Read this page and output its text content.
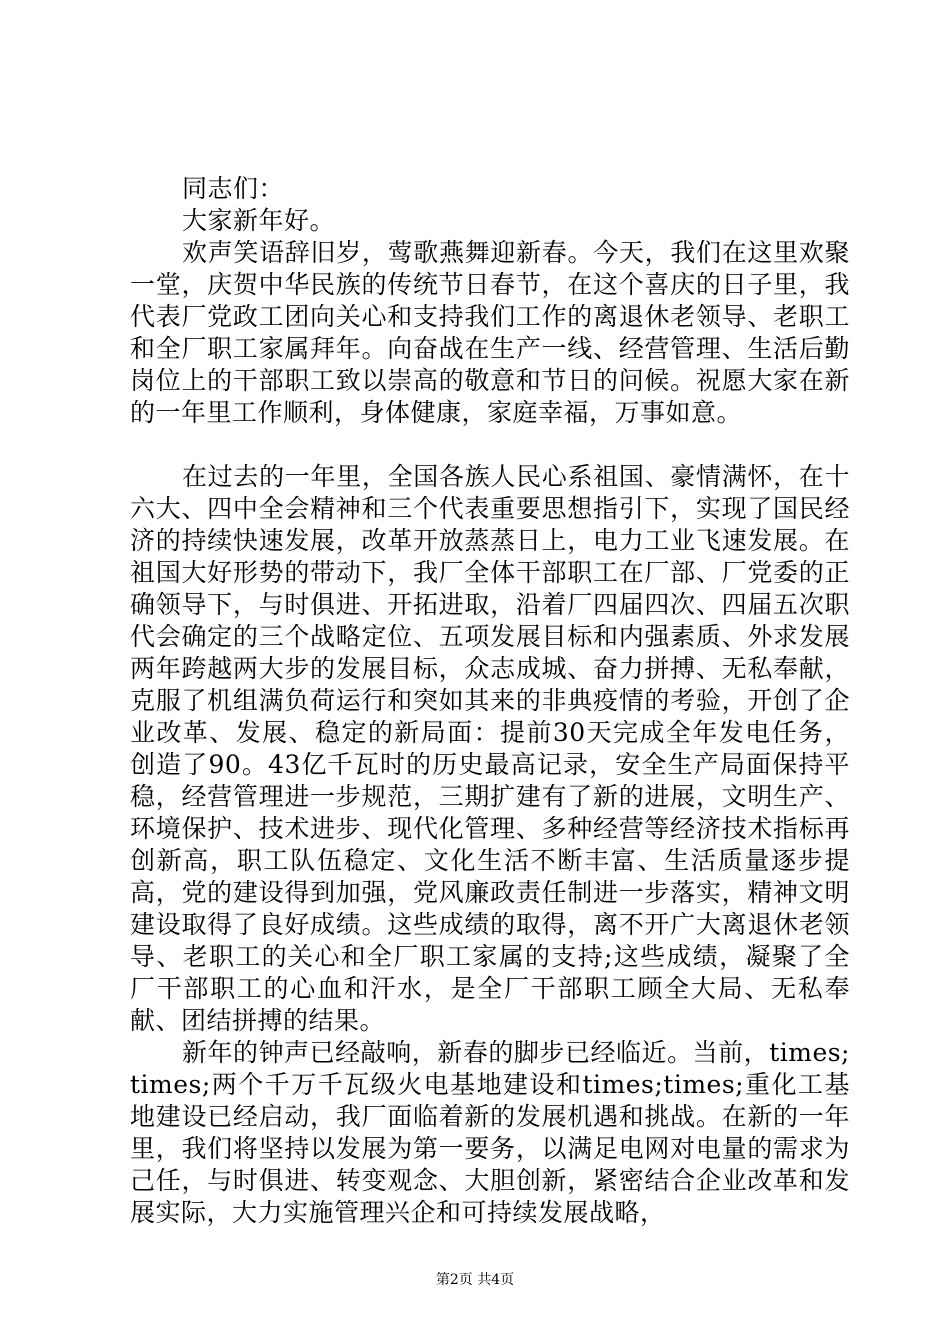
同志们：

大家新年好。

欢声笑语辞旧岁，莺歌燕舞迎新春。今天，我们在这里欢聚一堂，庆贺中华民族的传统节日春节，在这个喜庆的日子里，我代表厂党政工团向关心和支持我们工作的离退休老领导、老职工和全厂职工家属拜年。向奋战在生产一线、经营管理、生活后勤岗位上的干部职工致以崇高的敬意和节日的问候。祝愿大家在新的一年里工作顺利，身体健康，家庭幸福，万事如意。

在过去的一年里，全国各族人民心系祖国、豪情满怀，在十六大、四中全会精神和三个代表重要思想指引下，实现了国民经济的持续快速发展，改革开放蒸蒸日上，电力工业飞速发展。在祖国大好形势的带动下，我厂全体干部职工在厂部、厂党委的正确领导下，与时俱进、开拓进取，沿着厂四届四次、四届五次职代会确定的三个战略定位、五项发展目标和内强素质、外求发展两年跨越两大步的发展目标，众志成城、奋力拼搏、无私奉献，克服了机组满负荷运行和突如其来的非典疫情的考验，开创了企业改革、发展、稳定的新局面：提前30天完成全年发电任务，创造了90。43亿千瓦时的历史最高记录，安全生产局面保持平稳，经营管理进一步规范，三期扩建有了新的进展，文明生产、环境保护、技术进步、现代化管理、多种经营等经济技术指标再创新高，职工队伍稳定、文化生活不断丰富、生活质量逐步提高，党的建设得到加强，党风廉政责任制进一步落实，精神文明建设取得了良好成绩。这些成绩的取得，离不开广大离退休老领导、老职工的关心和全厂职工家属的支持;这些成绩，凝聚了全厂干部职工的心血和汗水，是全厂干部职工顾全大局、无私奉献、团结拼搏的结果。

新年的钟声已经敲响，新春的脚步已经临近。当前，times;times;两个千万千瓦级火电基地建设和times;times;重化工基地建设已经启动，我厂面临着新的发展机遇和挑战。在新的一年里，我们将坚持以发展为第一要务，以满足电网对电量的需求为己任，与时俱进、转变观念、大胆创新，紧密结合企业改革和发展实际，大力实施管理兴企和可持续发展战略，

第2页 共4页
